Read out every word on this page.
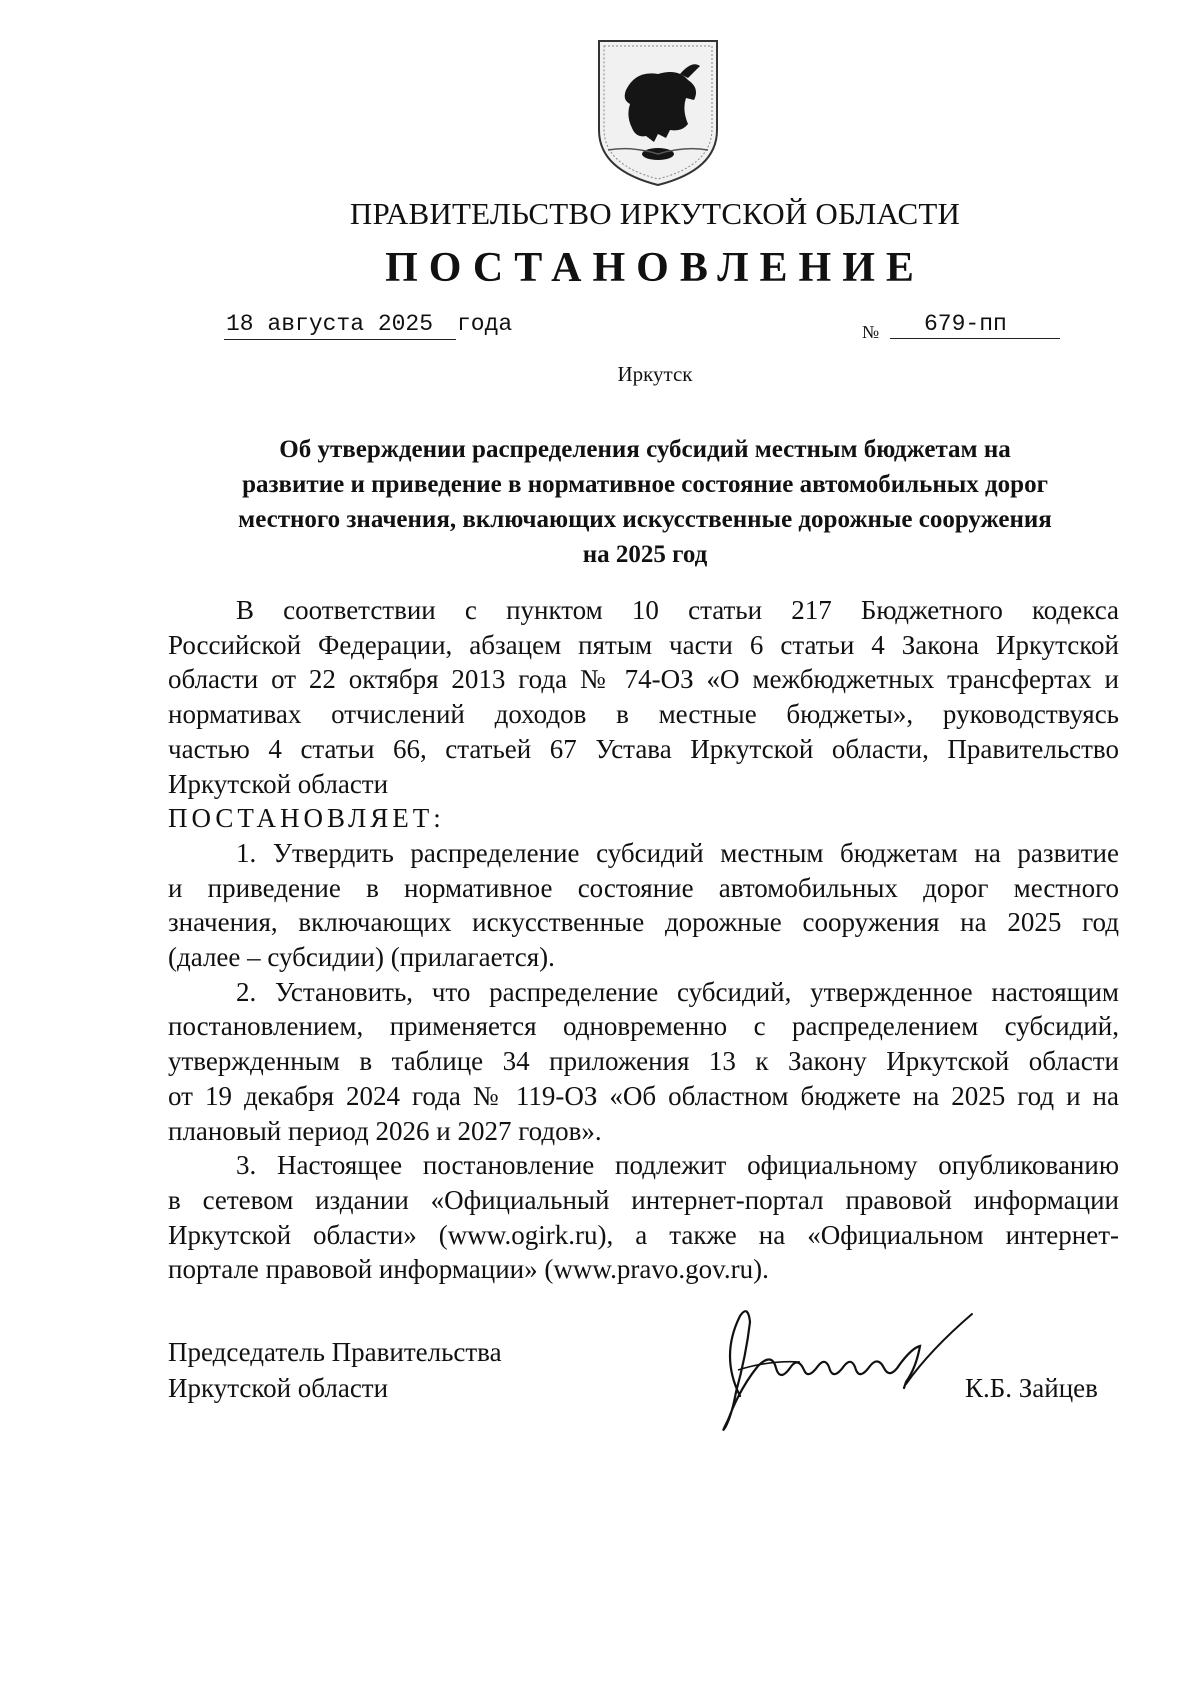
ПРАВИТЕЛЬСТВО ИРКУТСКОЙ ОБЛАСТИ
ПОСТАНОВЛЕНИЕ
18 августа 2025	года	№	679-пп
Иркутск
Об утверждении распределения субсидий местным бюджетам на
развитие и приведение в нормативное состояние автомобильных дорог
местного значения, включающих искусственные дорожные сооружения
на 2025 год
В соответствии с пунктом 10 статьи 217 Бюджетного кодекса
Российской Федерации, абзацем пятым части 6 статьи 4 Закона Иркутской
области от 22 октября 2013 года № 74-ОЗ «О межбюджетных трансфертах и
нормативах отчислений доходов в местные бюджеты», руководствуясь
частью 4 статьи 66, статьей 67 Устава Иркутской области, Правительство
Иркутской области
ПОСТАНОВЛЯЕТ:
1. Утвердить распределение субсидий местным бюджетам на развитие
и приведение в нормативное состояние автомобильных дорог местного
значения, включающих искусственные дорожные сооружения на 2025 год
(далее – субсидии) (прилагается).
2. Установить, что распределение субсидий, утвержденное настоящим
постановлением, применяется одновременно с распределением субсидий,
утвержденным в таблице 34 приложения 13 к Закону Иркутской области
от 19 декабря 2024 года № 119-ОЗ «Об областном бюджете на 2025 год и на
плановый период 2026 и 2027 годов».
3. Настоящее постановление подлежит официальному опубликованию
в сетевом издании «Официальный интернет-портал правовой информации
Иркутской области» (www.ogirk.ru), а также на «Официальном интернет-
портале правовой информации» (www.pravo.gov.ru).
Председатель Правительства
Иркутской области	К.Б. Зайцев
